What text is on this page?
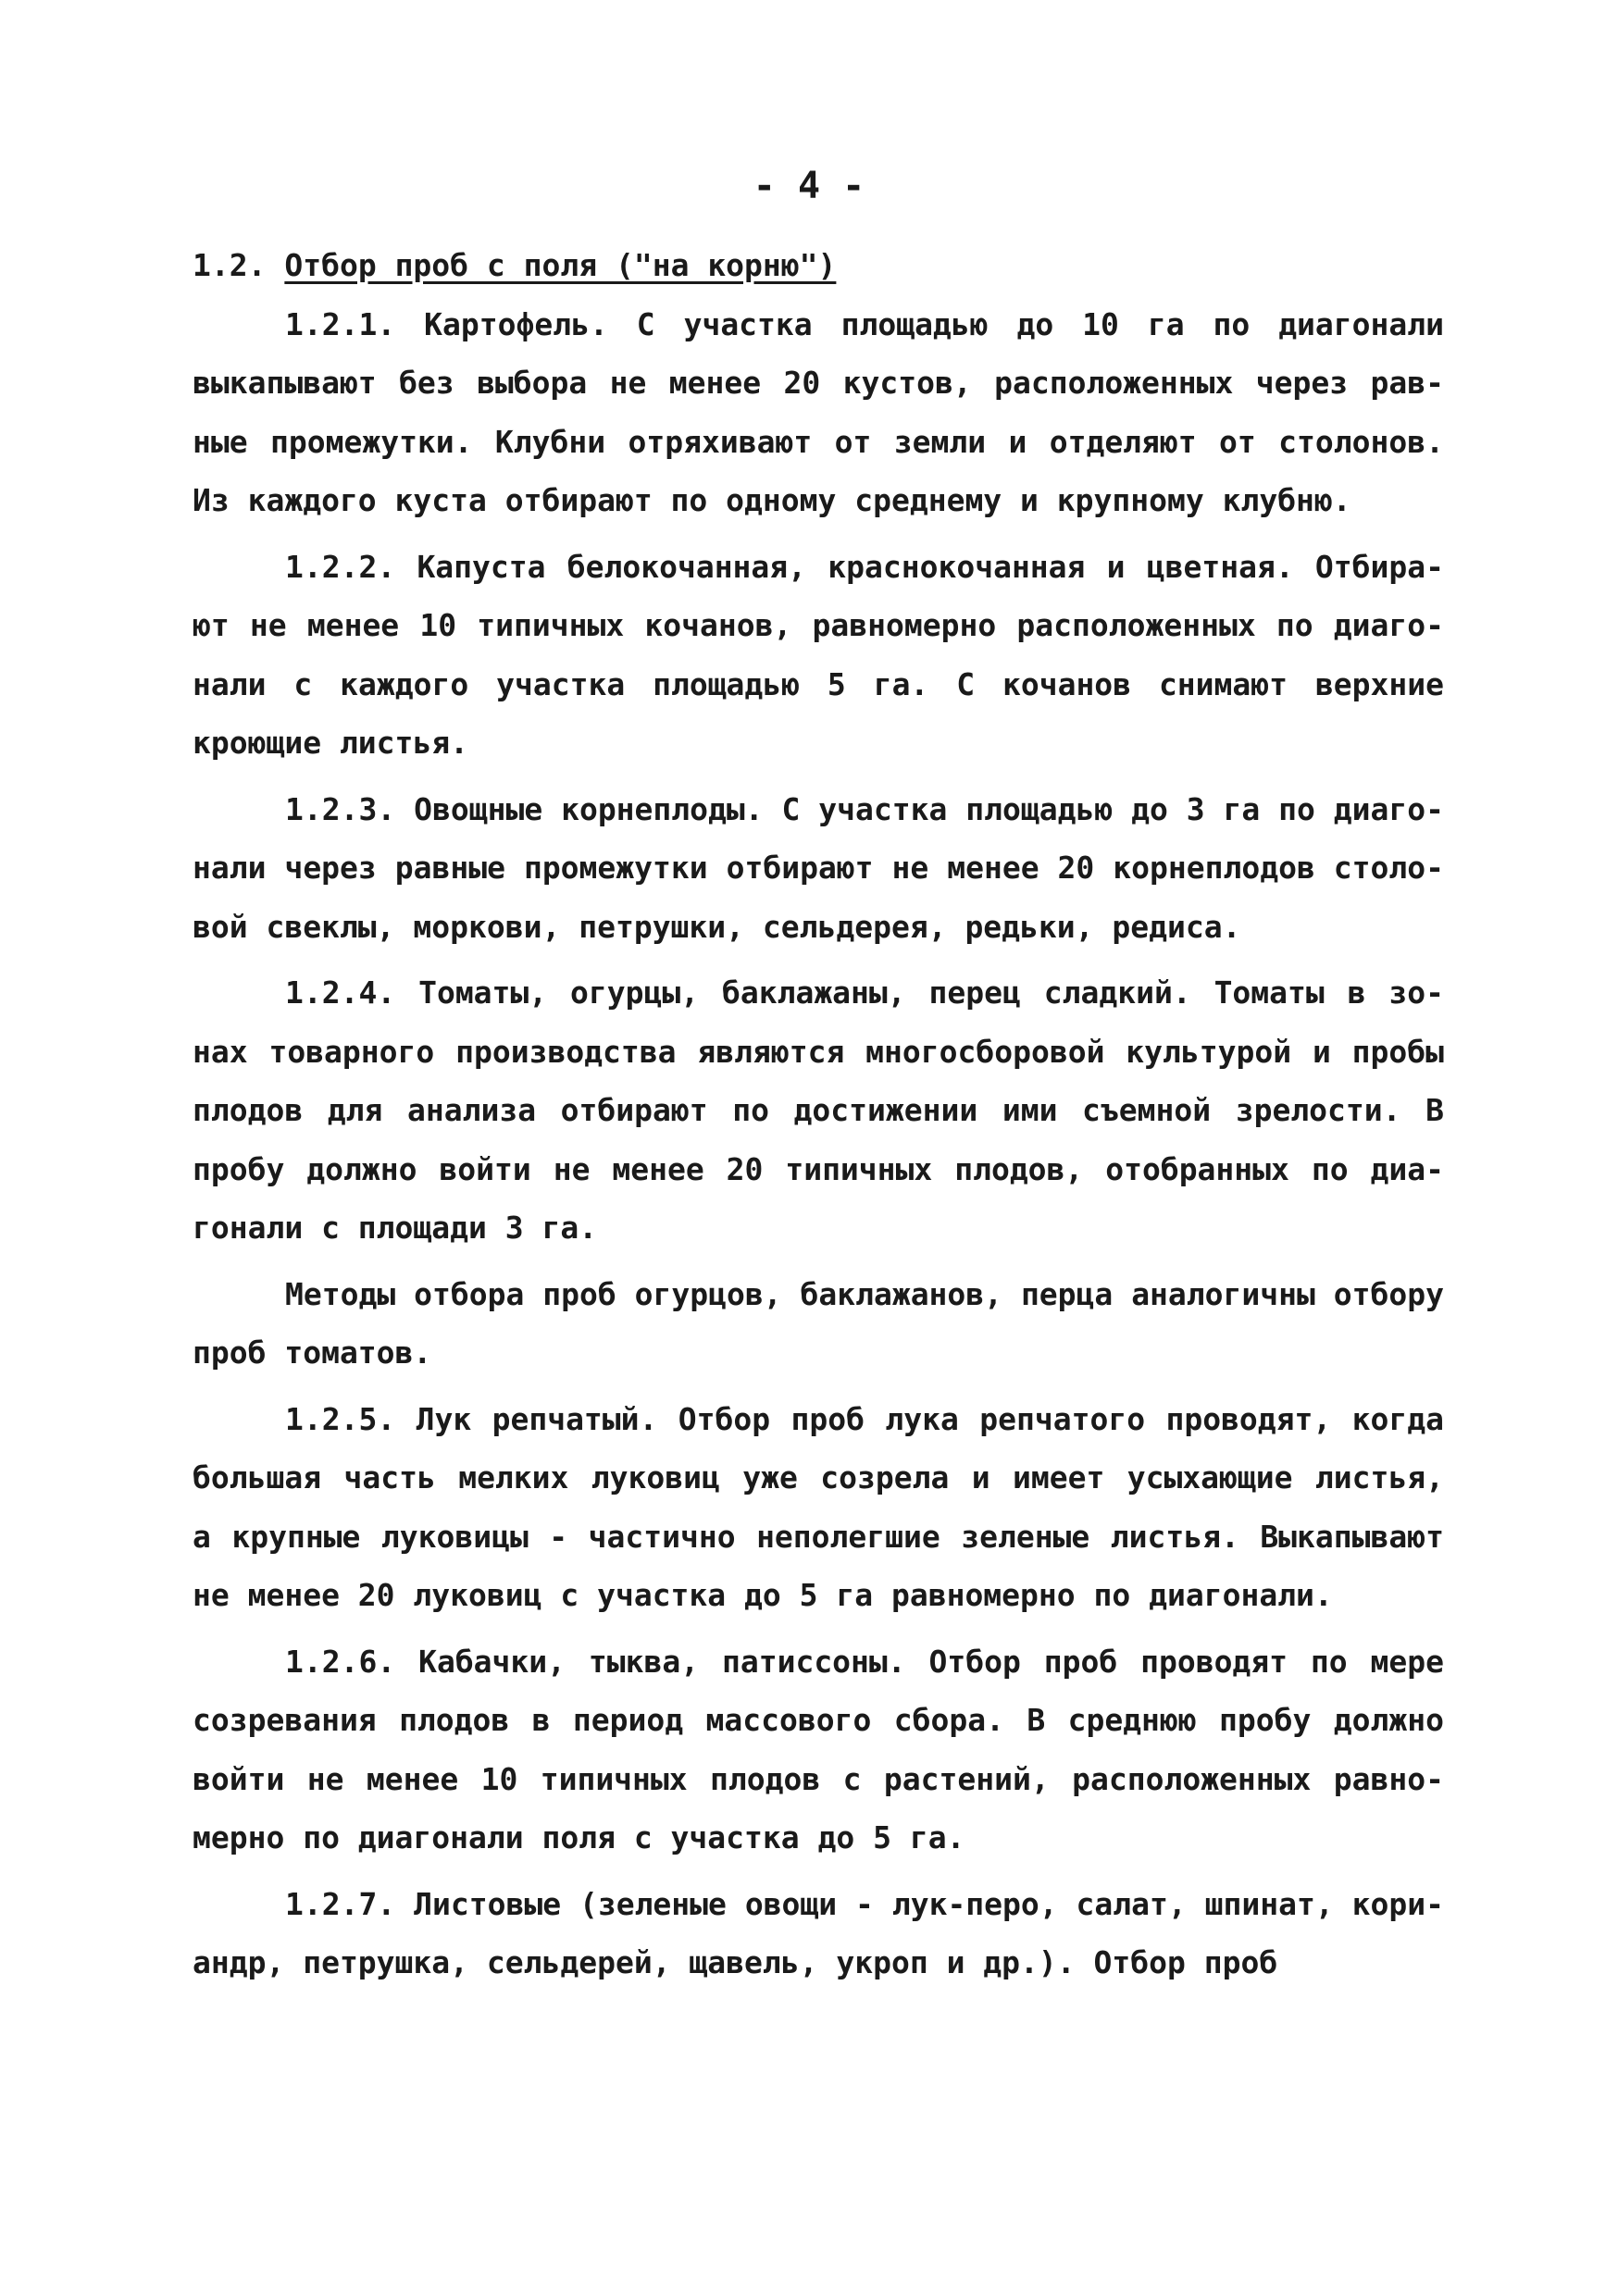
- 4 -
1.2. Отбор проб с поля ("на корню")
1.2.1. Картофель. С участка площадью до 10 га по диагонали
выкапывают без выбора не менее 20 кустов, расположенных через рав-
ные промежутки. Клубни отряхивают от земли и отделяют от столонов.
Из каждого куста отбирают по одному среднему и крупному клубню.
1.2.2. Капуста белокочанная, краснокочанная и цветная. Отбира-
ют не менее 10 типичных кочанов, равномерно расположенных по диаго-
нали с каждого участка площадью 5 га. С кочанов снимают верхние
кроющие листья.
1.2.3. Овощные корнеплоды. С участка площадью до 3 га по диаго-
нали через равные промежутки отбирают не менее 20 корнеплодов столо-
вой свеклы, моркови, петрушки, сельдерея, редьки, редиса.
1.2.4. Томаты, огурцы, баклажаны, перец сладкий. Томаты в зо-
нах товарного производства являются многосборовой культурой и пробы
плодов для анализа отбирают по достижении ими съемной зрелости. В
пробу должно войти не менее 20 типичных плодов, отобранных по диа-
гонали с площади 3 га.
Методы отбора проб огурцов, баклажанов, перца аналогичны отбору
проб томатов.
1.2.5. Лук репчатый. Отбор проб лука репчатого проводят, когда
большая часть мелких луковиц уже созрела и имеет усыхающие листья,
а крупные луковицы - частично неполегшие зеленые листья. Выкапывают
не менее 20 луковиц с участка до 5 га равномерно по диагонали.
1.2.6. Кабачки, тыква, патиссоны. Отбор проб проводят по мере
созревания плодов в период массового сбора. В среднюю пробу должно
войти не менее 10 типичных плодов с растений, расположенных равно-
мерно по диагонали поля с участка до 5 га.
1.2.7. Листовые (зеленые овощи - лук-перо, салат, шпинат, кори-
андр, петрушка, сельдерей, щавель, укроп и др.). Отбор проб
